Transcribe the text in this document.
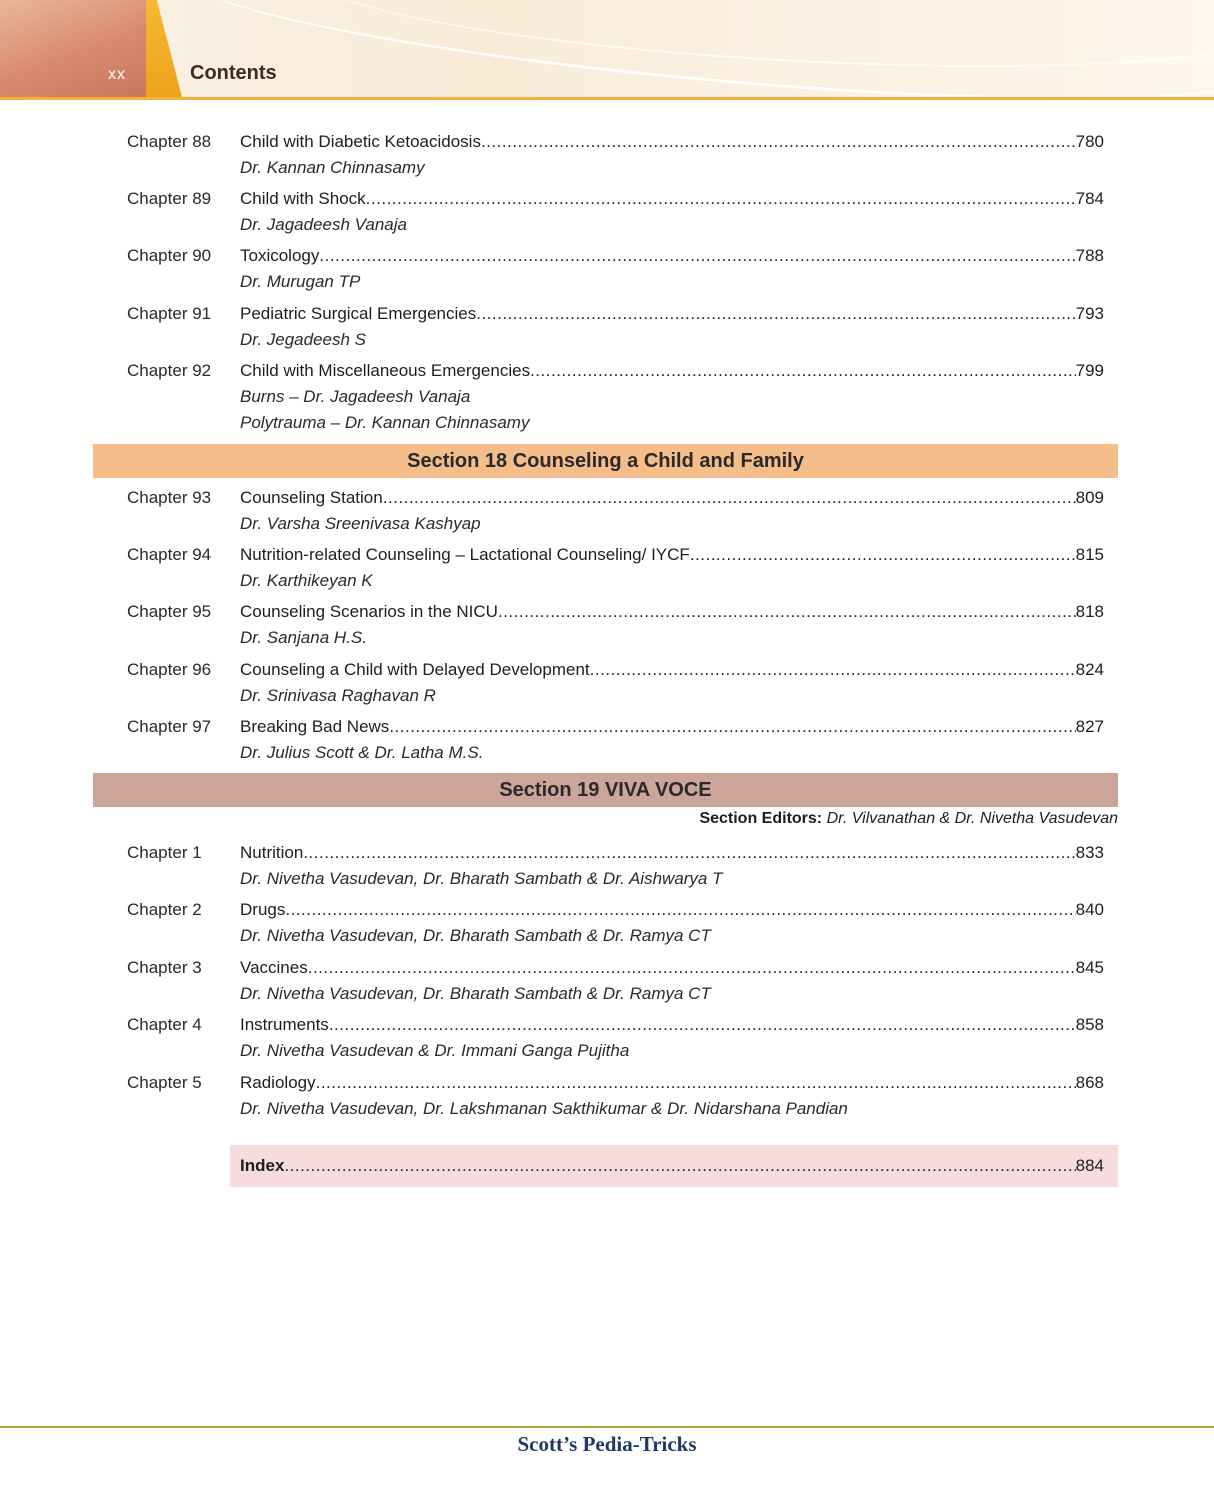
xx	Contents
Chapter 88 Child with Diabetic Ketoacidosis .....	780
Dr. Kannan Chinnasamy
Chapter 89 Child with Shock .....	784
Dr. Jagadeesh Vanaja
Chapter 90 Toxicology .....	788
Dr. Murugan TP
Chapter 91 Pediatric Surgical Emergencies .....	793
Dr. Jegadeesh S
Chapter 92 Child with Miscellaneous Emergencies .....	799
Burns – Dr. Jagadeesh Vanaja
Polytrauma – Dr. Kannan Chinnasamy
Section 18 Counseling a Child and Family
Chapter 93 Counseling Station .....	809
Dr. Varsha Sreenivasa Kashyap
Chapter 94 Nutrition-related Counseling – Lactational Counseling/ IYCF .....	815
Dr. Karthikeyan K
Chapter 95 Counseling Scenarios in the NICU .....	818
Dr. Sanjana H.S.
Chapter 96 Counseling a Child with Delayed Development .....	824
Dr. Srinivasa Raghavan R
Chapter 97 Breaking Bad News .....	827
Dr. Julius Scott & Dr. Latha M.S.
Section 19 VIVA VOCE
Section Editors: Dr. Vilvanathan & Dr. Nivetha Vasudevan
Chapter 1 Nutrition .....	833
Dr. Nivetha Vasudevan, Dr. Bharath Sambath & Dr. Aishwarya T
Chapter 2 Drugs .....	840
Dr. Nivetha Vasudevan, Dr. Bharath Sambath & Dr. Ramya CT
Chapter 3 Vaccines .....	845
Dr. Nivetha Vasudevan, Dr. Bharath Sambath & Dr. Ramya CT
Chapter 4 Instruments .....	858
Dr. Nivetha Vasudevan & Dr. Immani Ganga Pujitha
Chapter 5 Radiology .....	868
Dr. Nivetha Vasudevan, Dr. Lakshmanan Sakthikumar & Dr. Nidarshana Pandian
Index .....	884
Scott’s Pedia-Tricks
